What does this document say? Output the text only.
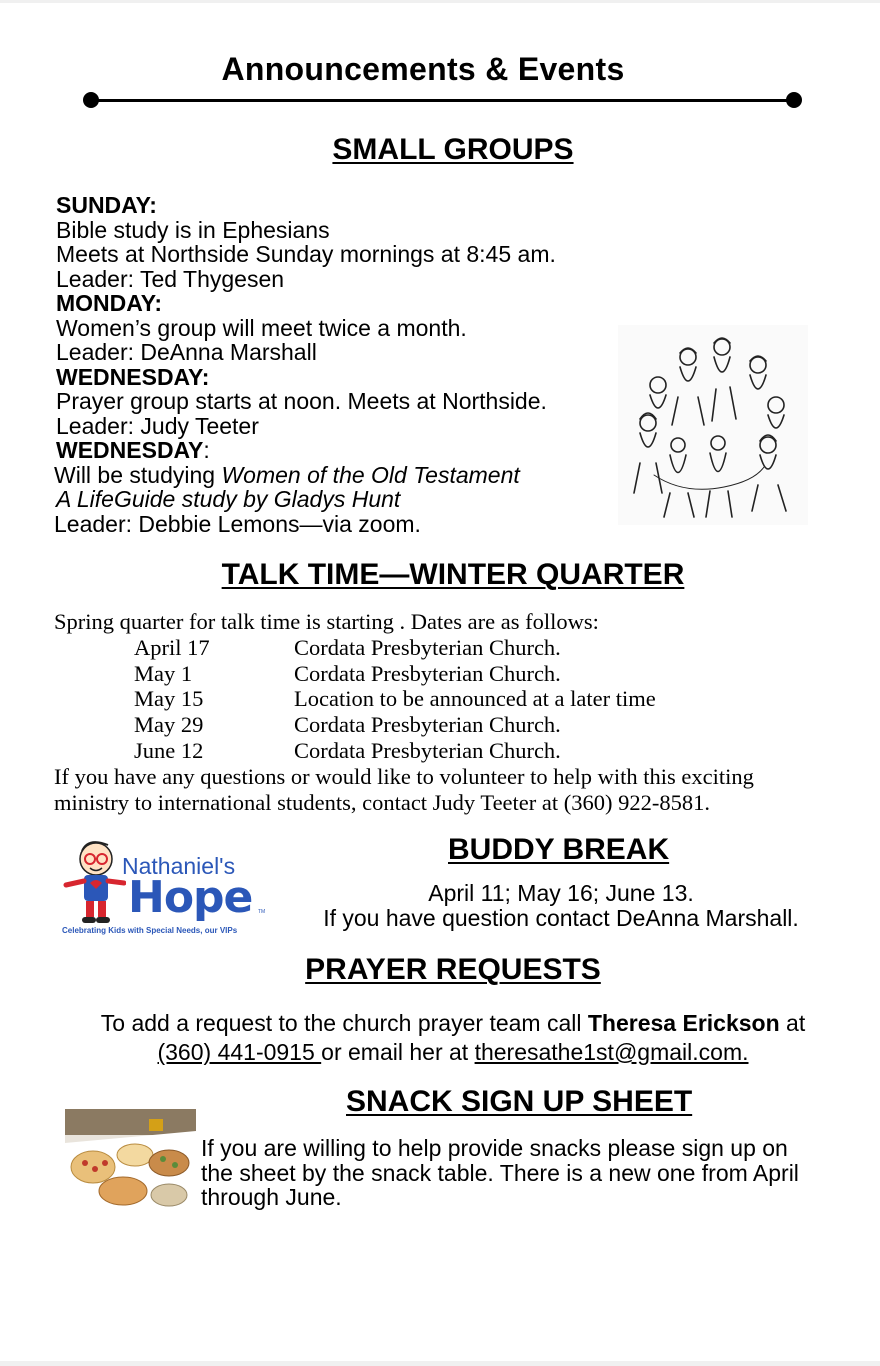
Announcements & Events
SMALL GROUPS
SUNDAY:
Bible study is in Ephesians
Meets at Northside Sunday mornings at 8:45 am.
Leader: Ted Thygesen
MONDAY:
Women’s group will meet twice a month.
Leader: DeAnna Marshall
WEDNESDAY:
Prayer group starts at noon. Meets at Northside.
Leader: Judy Teeter
WEDNESDAY:
Will be studying Women of the Old Testament
A LifeGuide study by Gladys Hunt
Leader: Debbie Lemons—via zoom.
TALK TIME—WINTER QUARTER
Spring quarter for talk time is starting . Dates are as follows:
April 17	Cordata Presbyterian Church.
May 1	Cordata Presbyterian Church.
May 15	Location to be announced at a later time
May 29	Cordata Presbyterian Church.
June 12	Cordata Presbyterian Church.
If you have any questions or would like to volunteer to help with this exciting
ministry to international students, contact Judy Teeter at (360) 922-8581.
Nathaniel's
Hope TM
Celebrating Kids with Special Needs, our VIPs
BUDDY BREAK
April 11; May 16; June 13.
If you have question contact DeAnna Marshall.
PRAYER REQUESTS
To add a request to the church prayer team call Theresa Erickson at
(360) 441-0915 or email her at theresathe1st@gmail.com.
SNACK SIGN UP SHEET
If you are willing to help provide snacks please sign up on
the sheet by the snack table. There is a new one from April
through June.
